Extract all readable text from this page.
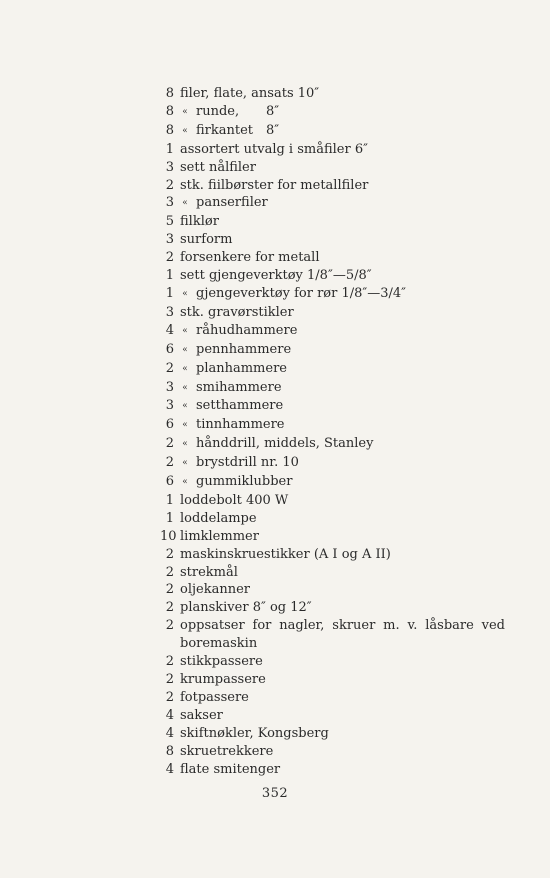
8 filer, flate, ansats 10″
8 « runde, 8″
8 « firkantet 8″
1 assortert utvalg i småfiler 6″
3 sett nålfiler
2 stk. fiilbørster for metallfiler
3 « panserfiler
5 filklør
3 surform
2 forsenkere for metall
1 sett gjengeverktøy 1/8″—5/8″
1 « gjengeverktøy for rør 1/8″—3/4″
3 stk. gravørstikler
4 « råhudhammere
6 « pennhammere
2 « planhammere
3 « smihammere
3 « setthammere
6 « tinnhammere
2 « hånddrill, middels, Stanley
2 « brystdrill nr. 10
6 « gummiklubber
1 loddebolt 400 W
1 loddelampe
10 limklemmer
2 maskinskruestikker (A I og A II)
2 strekmål
2 oljekanner
2 planskiver 8″ og 12″
2 oppsatser for nagler, skruer m. v. låsbare ved boremaskin
2 stikkpassere
2 krumpassere
2 fotpassere
4 sakser
4 skiftnøkler, Kongsberg
8 skruetrekkere
4 flate smitenger
352
